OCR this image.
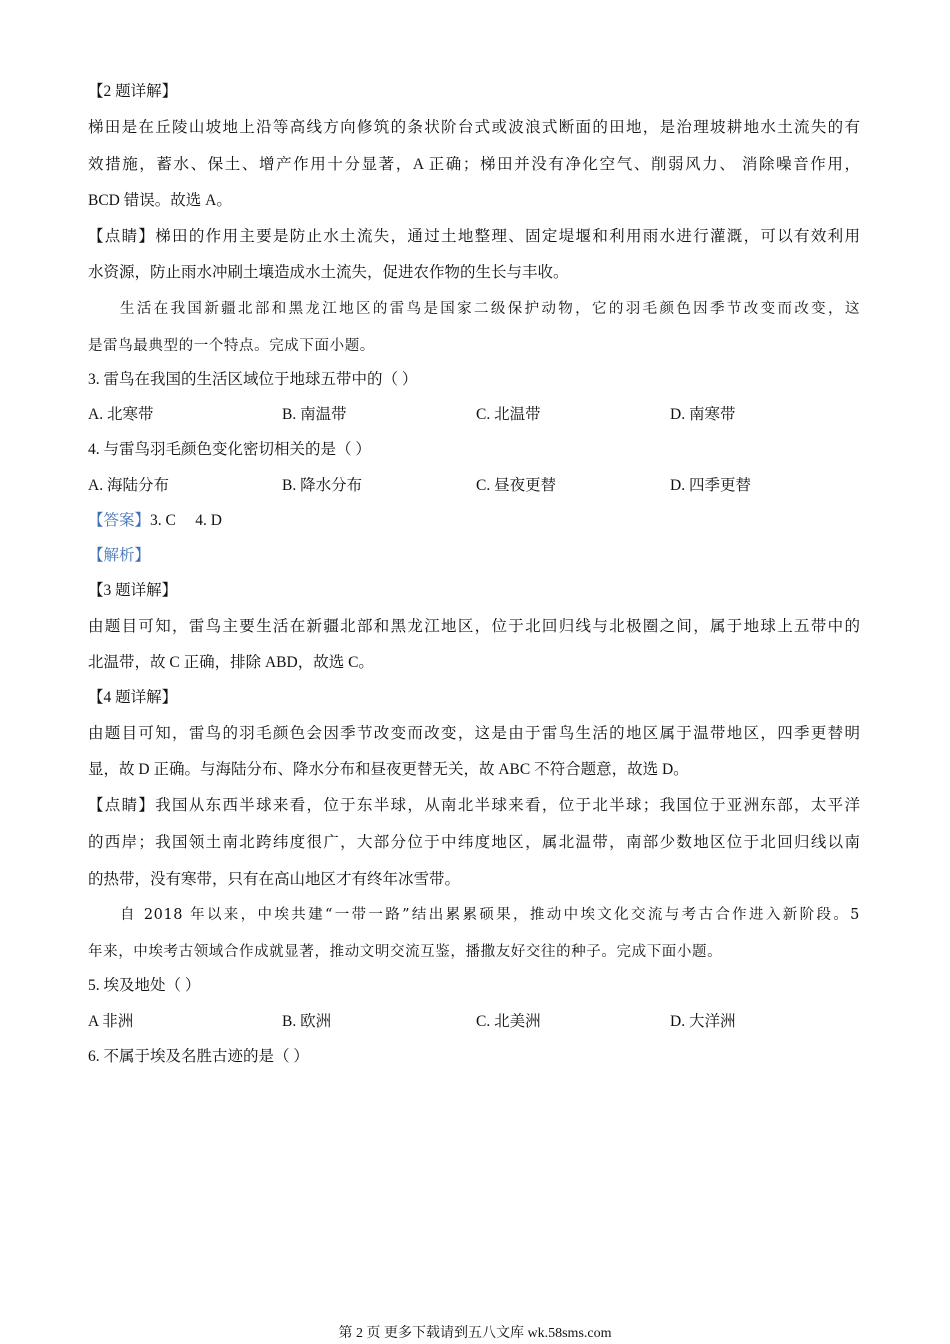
【2 题详解】
梯田是在丘陵山坡地上沿等高线方向修筑的条状阶台式或波浪式断面的田地，是治理坡耕地水土流失的有
效措施，蓄水、保土、增产作用十分显著，A 正确；梯田并没有净化空气、削弱风力、 消除噪音作用，
BCD 错误。故选 A。
【点睛】梯田的作用主要是防止水土流失，通过土地整理、固定堤堰和利用雨水进行灌溉，可以有效利用
水资源，防止雨水冲刷土壤造成水土流失，促进农作物的生长与丰收。
生活在我国新疆北部和黑龙江地区的雷鸟是国家二级保护动物，它的羽毛颜色因季节改变而改变，这
是雷鸟最典型的一个特点。完成下面小题。
3. 雷鸟在我国的生活区域位于地球五带中的（ ）
A. 北寒带	B. 南温带	C. 北温带	D. 南寒带
4. 与雷鸟羽毛颜色变化密切相关的是（ ）
A. 海陆分布	B. 降水分布	C. 昼夜更替	D. 四季更替
【答案】3. C     4. D
【解析】
【3 题详解】
由题目可知，雷鸟主要生活在新疆北部和黑龙江地区，位于北回归线与北极圈之间，属于地球上五带中的
北温带，故 C 正确，排除 ABD，故选 C。
【4 题详解】
由题目可知，雷鸟的羽毛颜色会因季节改变而改变，这是由于雷鸟生活的地区属于温带地区，四季更替明
显，故 D 正确。与海陆分布、降水分布和昼夜更替无关，故 ABC 不符合题意，故选 D。
【点睛】我国从东西半球来看，位于东半球，从南北半球来看，位于北半球；我国位于亚洲东部，太平洋
的西岸；我国领土南北跨纬度很广，大部分位于中纬度地区，属北温带，南部少数地区位于北回归线以南
的热带，没有寒带，只有在高山地区才有终年冰雪带。
自 2018 年以来，中埃共建“一带一路”结出累累硕果，推动中埃文化交流与考古合作进入新阶段。5
年来，中埃考古领域合作成就显著，推动文明交流互鉴，播撒友好交往的种子。完成下面小题。
5. 埃及地处（ ）
A 非洲	B. 欧洲	C. 北美洲	D. 大洋洲
6. 不属于埃及名胜古迹的是（ ）
第 2 页 更多下载请到五八文库 wk.58sms.com
